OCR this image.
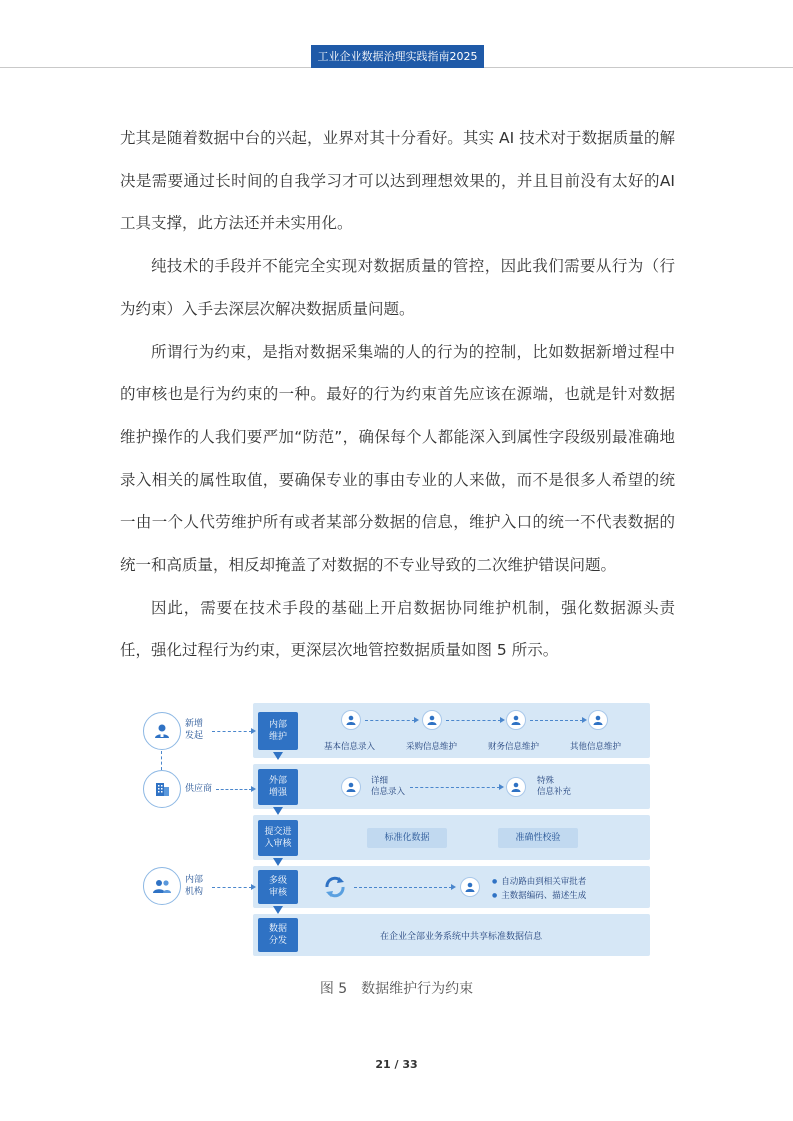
工业企业数据治理实践指南2025

尤其是随着数据中台的兴起，业界对其十分看好。其实 AI 技术对于数据质量的解决是需要通过长时间的自我学习才可以达到理想效果的，并且目前没有太好的AI 工具支撑，此方法还并未实用化。

纯技术的手段并不能完全实现对数据质量的管控，因此我们需要从行为（行为约束）入手去深层次解决数据质量问题。

所谓行为约束，是指对数据采集端的人的行为的控制，比如数据新增过程中的审核也是行为约束的一种。最好的行为约束首先应该在源端，也就是针对数据维护操作的人我们要严加“防范”，确保每个人都能深入到属性字段级别最准确地录入相关的属性取值，要确保专业的事由专业的人来做，而不是很多人希望的统一由一个人代劳维护所有或者某部分数据的信息，维护入口的统一不代表数据的统一和高质量，相反却掩盖了对数据的不专业导致的二次维护错误问题。

因此，需要在技术手段的基础上开启数据协同维护机制，强化数据源头责任，强化过程行为约束，更深层次地管控数据质量如图 5 所示。

内部
维护
外部
增强
提交进
入审核
多级
审核
数据
分发
新增
发起
供应商
内部
机构
基本信息录入	采购信息维护	财务信息维护	其他信息维护
详细
信息录入
特殊
信息补充
标准化数据	准确性校验
● 自动路由到相关审批者
● 主数据编码、描述生成
在企业全部业务系统中共享标准数据信息
图 5　数据维护行为约束
21 / 33
